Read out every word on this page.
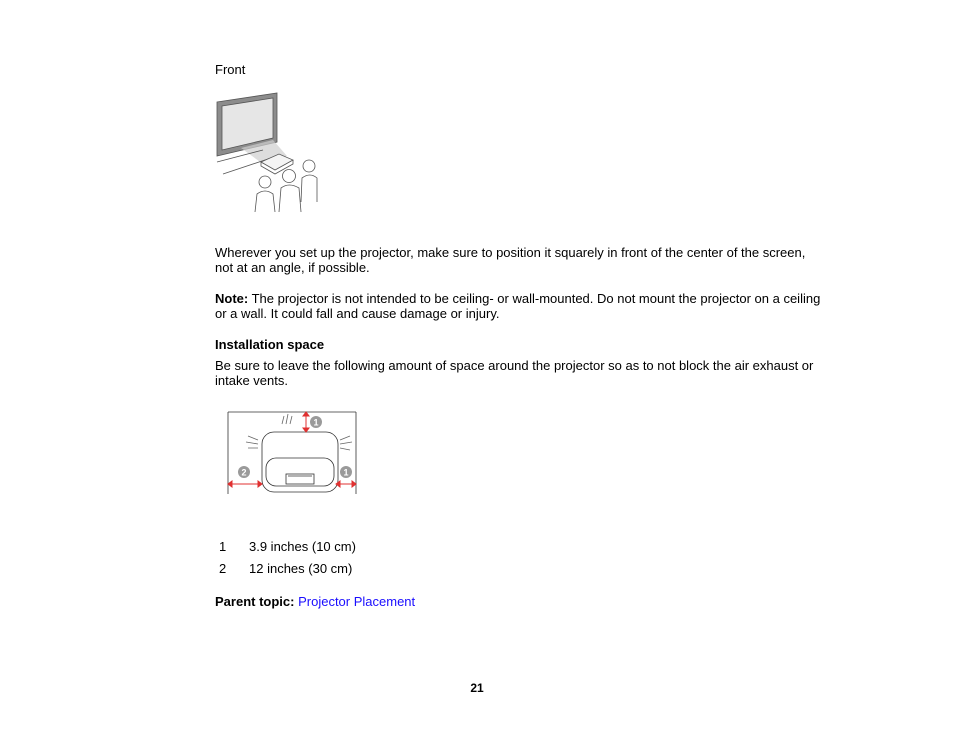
Front
Wherever you set up the projector, make sure to position it squarely in front of the center of the screen, not at an angle, if possible.
Note: The projector is not intended to be ceiling- or wall-mounted. Do not mount the projector on a ceiling or a wall. It could fall and cause damage or injury.
Installation space
Be sure to leave the following amount of space around the projector so as to not block the air exhaust or intake vents.
1
2	1
1 3.9 inches (10 cm)
2 12 inches (30 cm)
Parent topic: Projector Placement
21
